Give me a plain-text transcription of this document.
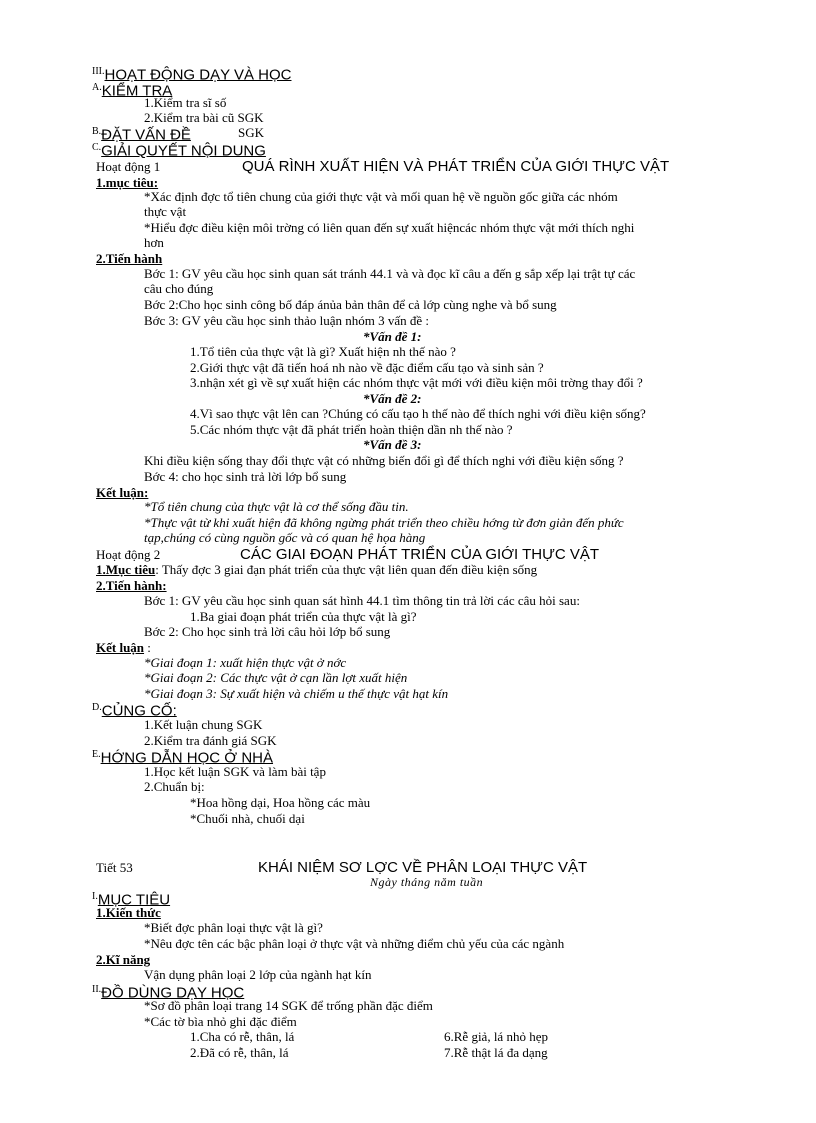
$^{III.}$HOẠT ĐỘNG DẠY VÀ HỌC
$^{A.}$KIỂM TRA
1.Kiểm tra sĩ số
2.Kiểm tra bài cũ SGK
$^{B.}$ĐẶT VẤN ĐỀ	SGK
$^{C.}$GIẢI QUYẾT NỘI DUNG
Hoạt động 1	QUÁ RÌNH XUẤT HIỆN VÀ PHÁT TRIỂN CỦA GIỚI THỰC VẬT
1.mục tiêu:
*Xác định đợc tổ tiên chung của giới thực vật và mối quan hệ về nguồn gốc giữa các nhóm
thực vật
*Hiểu đợc điều kiện môi trờng có liên quan đến sự xuất hiệncác nhóm thực vật mới thích nghi
hơn
2.Tiến hành
Bớc 1: GV yêu cầu học sinh quan sát tránh 44.1 và và đọc kĩ câu a đến g sắp xếp lại trật tự các
câu cho đúng
Bớc 2:Cho học sinh công bố đáp ánủa bản thân để cả lớp cùng nghe và bổ sung
Bớc 3: GV yêu cầu học sinh thảo luận nhóm 3 vấn đề :
*Vấn đề 1:
1.Tổ tiên của thực vật là gì? Xuất hiện nh thế nào ?
2.Giới thực vật đã tiến hoá nh nào về đặc điểm cấu tạo và sinh sản ?
3.nhận xét gì về sự xuất hiện các nhóm thực vật mới với điều kiện môi trờng thay đổi ?
*Vấn đề 2:
4.Vì sao thực vật lên can ?Chúng có cấu tạo h thế nào để thích nghi với điều kiện sống?
5.Các nhóm thực vật đã phát triển hoàn thiện dần nh thế nào ?
*Vấn đề 3:
Khi điều kiện sống thay đổi thực vật có những biến đổi gì để thích nghi với điều kiện sống ?
Bớc 4: cho học sinh trả lời lớp bổ sung
Kết luận:
*Tổ tiên chung của thực vật là cơ thể sống đầu tin.
*Thực vật từ khi xuất hiện đã không ngừng phát triển theo chiều hớng từ đơn giản đến phức
tạp,chúng có cùng nguồn gốc và có quan hệ họa hàng
Hoạt động 2	CÁC GIAI ĐOẠN PHÁT TRIỂN CỦA GIỚI THỰC VẬT
1.Mục tiêu: Thấy đợc 3 giai đạn phát triển của thực vật liên quan đến điều kiện sống
2.Tiến hành:
Bớc 1: GV yêu cầu học sinh quan sát hình 44.1 tìm thông tin trả lời các câu hỏi sau:
1.Ba giai đoạn phát triển của thực vật là gì?
Bớc 2: Cho học sinh trả lời câu hỏi lớp bổ sung
Kết luận :
*Giai đoạn 1: xuất hiện thực vật ở nớc
*Giai đoạn 2: Các thực vật ở cạn lần lợt xuất hiện
*Giai đoạn 3: Sự xuất hiện và chiếm u thế thực vật hạt kín
$^{D.}$CỦNG CỐ:
1.Kết luận chung SGK
2.Kiểm tra đánh giá SGK
$^{E.}$HỚNG DẪN HỌC Ở NHÀ
1.Học kết luận SGK và làm bài tập
2.Chuẩn bị:
*Hoa hồng dại, Hoa hồng các màu
*Chuối nhà, chuối dại
Tiết 53	KHÁI NIỆM SƠ LỢC VỀ PHÂN LOẠI THỰC VẬT
Ngày tháng năm tuần
$^{I.}$MỤC TIÊU
1.Kiến thức
*Biết đợc phân loại thực vật là gì?
*Nêu đợc tên các bậc phân loại ở thực vật và những điểm chủ yếu của các ngành
2.Kĩ năng
Vận dụng phân loại 2 lớp của ngành hạt kín
$^{II.}$ĐỒ DÙNG DẠY HỌC
*Sơ đồ phân loại trang 14 SGK để trống phần đặc điểm
*Các tờ bìa nhỏ ghi đặc điểm
1.Cha có rễ, thân, lá	6.Rễ giả, lá nhỏ hẹp
2.Đã có rễ, thân, lá	7.Rễ thật lá đa dạng
